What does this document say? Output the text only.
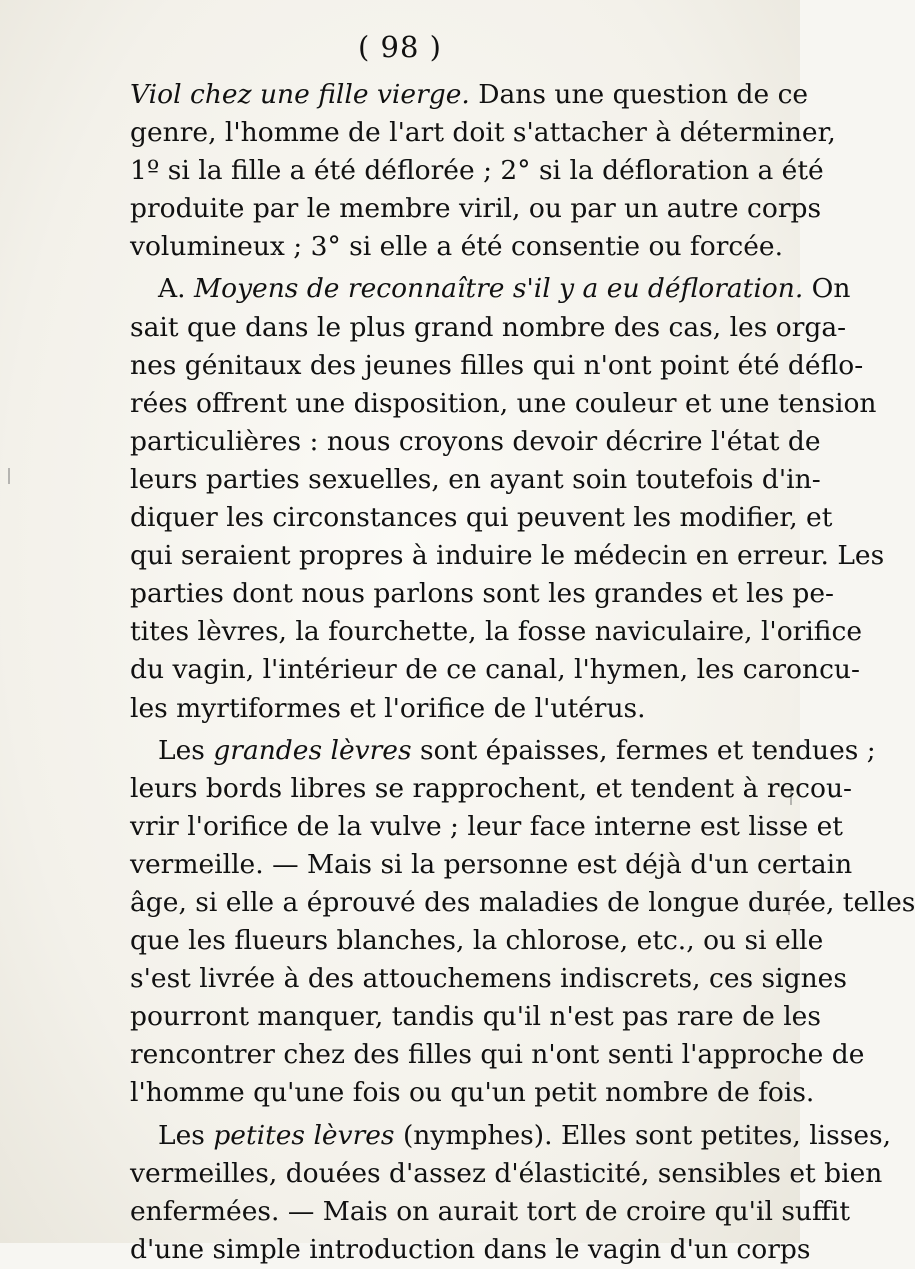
( 98 )
Viol chez une fille vierge. Dans une question de ce
genre, l'homme de l'art doit s'attacher à déterminer,
1º si la fille a été déflorée ; 2° si la défloration a été
produite par le membre viril, ou par un autre corps
volumineux ; 3° si elle a été consentie ou forcée.
A. Moyens de reconnaître s'il y a eu défloration. On
sait que dans le plus grand nombre des cas, les orga-
nes génitaux des jeunes filles qui n'ont point été déflo-
rées offrent une disposition, une couleur et une tension
particulières : nous croyons devoir décrire l'état de
leurs parties sexuelles, en ayant soin toutefois d'in-
diquer les circonstances qui peuvent les modifier, et
qui seraient propres à induire le médecin en erreur. Les
parties dont nous parlons sont les grandes et les pe-
tites lèvres, la fourchette, la fosse naviculaire, l'orifice
du vagin, l'intérieur de ce canal, l'hymen, les caroncu-
les myrtiformes et l'orifice de l'utérus.
Les grandes lèvres sont épaisses, fermes et tendues ;
leurs bords libres se rapprochent, et tendent à recou-
vrir l'orifice de la vulve ; leur face interne est lisse et
vermeille. — Mais si la personne est déjà d'un certain
âge, si elle a éprouvé des maladies de longue durée, telles
que les flueurs blanches, la chlorose, etc., ou si elle
s'est livrée à des attouchemens indiscrets, ces signes
pourront manquer, tandis qu'il n'est pas rare de les
rencontrer chez des filles qui n'ont senti l'approche de
l'homme qu'une fois ou qu'un petit nombre de fois.
Les petites lèvres (nymphes). Elles sont petites, lisses,
vermeilles, douées d'assez d'élasticité, sensibles et bien
enfermées. — Mais on aurait tort de croire qu'il suffit
d'une simple introduction dans le vagin d'un corps
